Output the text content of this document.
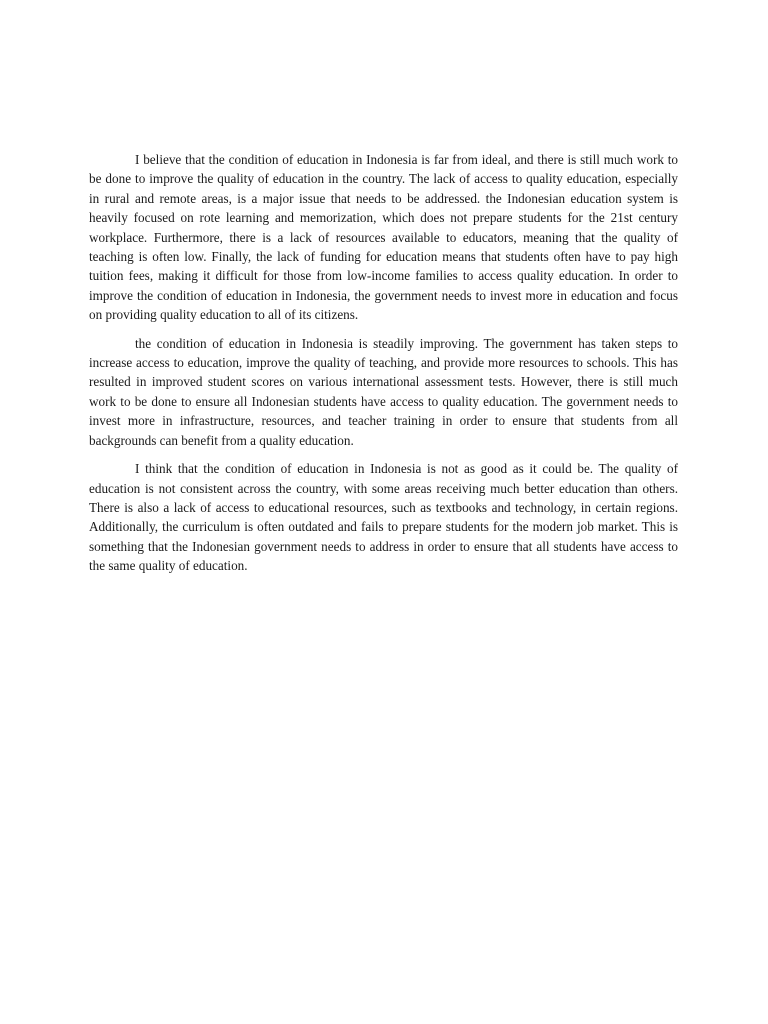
I believe that the condition of education in Indonesia is far from ideal, and there is still much work to be done to improve the quality of education in the country. The lack of access to quality education, especially in rural and remote areas, is a major issue that needs to be addressed. the Indonesian education system is heavily focused on rote learning and memorization, which does not prepare students for the 21st century workplace. Furthermore, there is a lack of resources available to educators, meaning that the quality of teaching is often low. Finally, the lack of funding for education means that students often have to pay high tuition fees, making it difficult for those from low-income families to access quality education. In order to improve the condition of education in Indonesia, the government needs to invest more in education and focus on providing quality education to all of its citizens.

the condition of education in Indonesia is steadily improving. The government has taken steps to increase access to education, improve the quality of teaching, and provide more resources to schools. This has resulted in improved student scores on various international assessment tests. However, there is still much work to be done to ensure all Indonesian students have access to quality education. The government needs to invest more in infrastructure, resources, and teacher training in order to ensure that students from all backgrounds can benefit from a quality education.

I think that the condition of education in Indonesia is not as good as it could be. The quality of education is not consistent across the country, with some areas receiving much better education than others. There is also a lack of access to educational resources, such as textbooks and technology, in certain regions. Additionally, the curriculum is often outdated and fails to prepare students for the modern job market. This is something that the Indonesian government needs to address in order to ensure that all students have access to the same quality of education.
